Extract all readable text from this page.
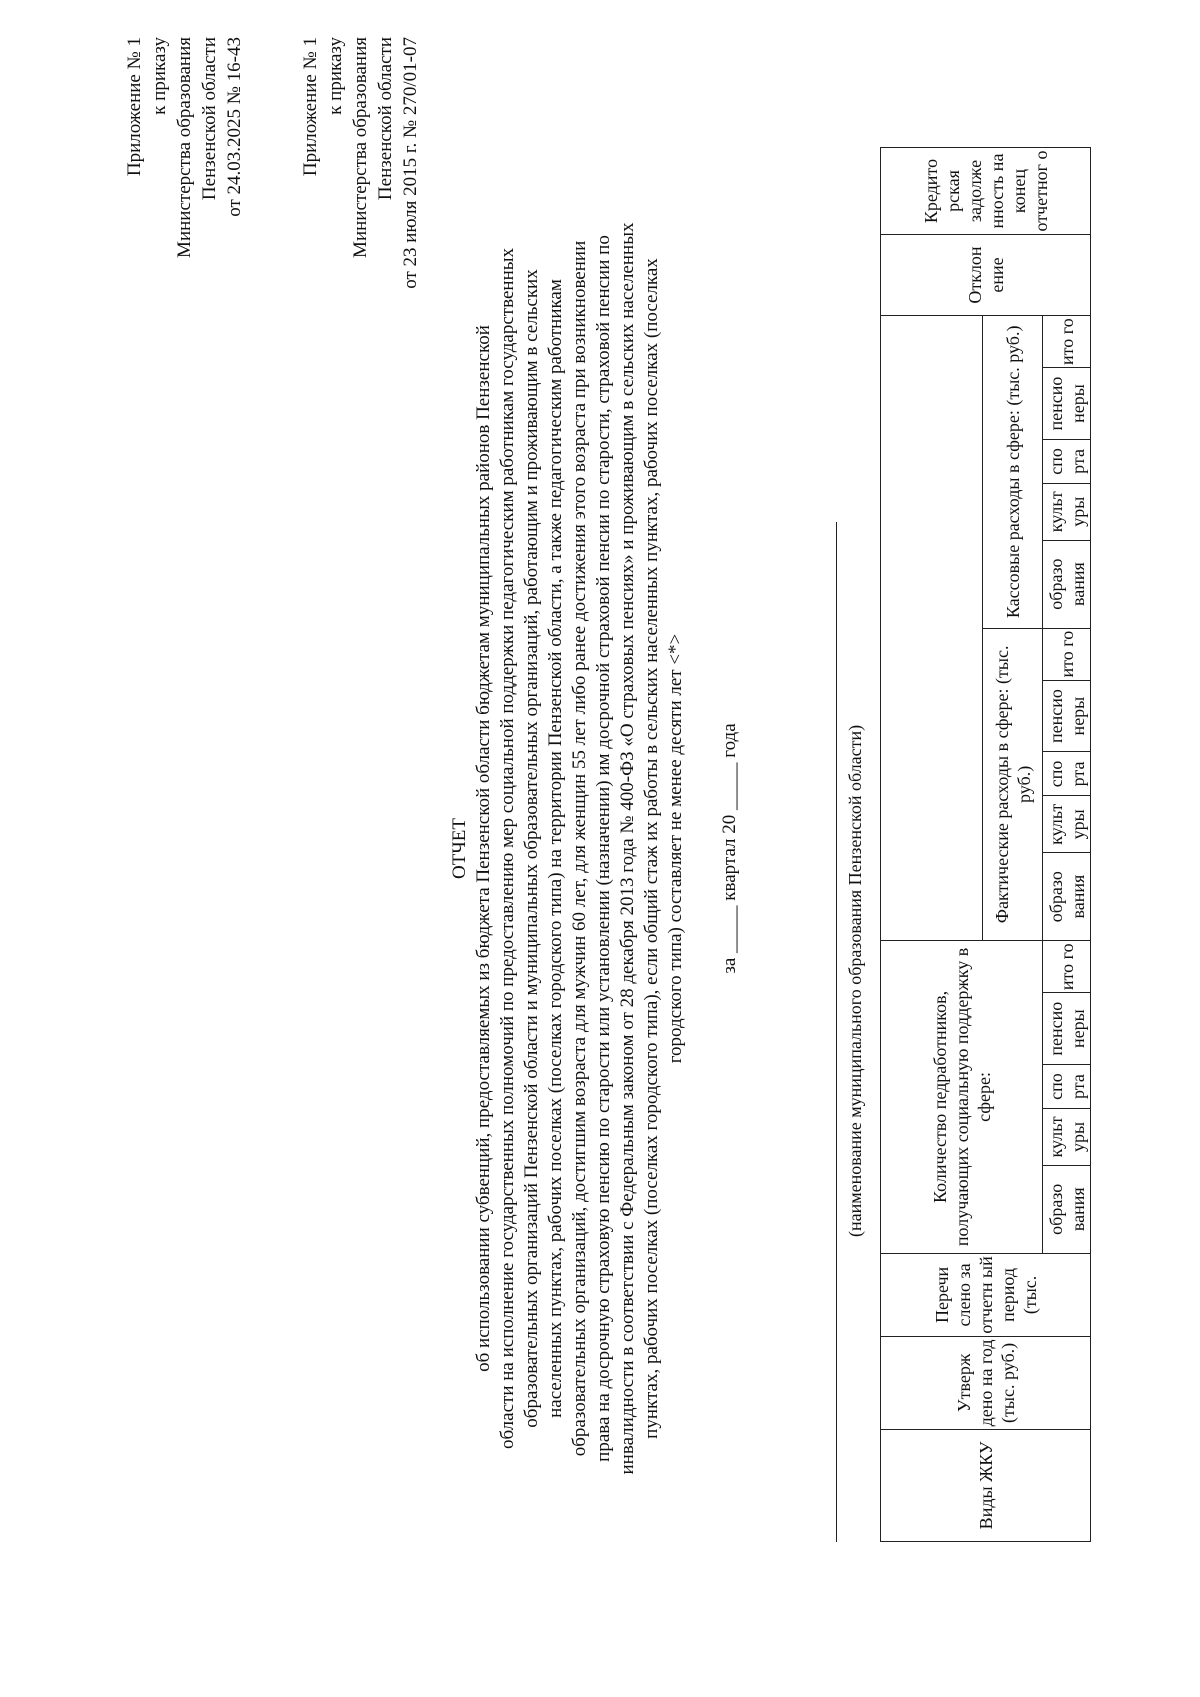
Приложение № 1 к приказу Министерства образования Пензенской области от 24.03.2025 № 16-43	Приложение № 1 к приказу Министерства образования Пензенской области от 23 июля 2015 г. № 270/01-07
ОТЧЕТ об использовании субвенций, предоставляемых из бюджета Пензенской области бюджетам муниципальных районов Пензенской области на исполнение государственных полномочий по предоставлению мер социальной поддержки педагогическим работникам государственных образовательных организаций Пензенской области и муниципальных образовательных организаций, работающим и проживающим в сельских населенных пунктах, рабочих поселках (поселках городского типа) на территории Пензенской области, а также педагогическим работникам образовательных организаций, достигшим возраста для мужчин 60 лет, для женщин 55 лет либо ранее достижения этого возраста при возникновении права на досрочную страховую пенсию по старости или установлении (назначении) им досрочной страховой пенсии по старости, страховой пенсии по инвалидности в соответствии с Федеральным законом от 28 декабря 2013 года № 400-ФЗ «О страховых пенсиях» и проживающим в сельских населенных пунктах, рабочих поселках (поселках городского типа), если общий стаж их работы в сельских населенных пунктах, рабочих поселках (поселках городского типа) составляет не менее десяти лет <*> за _____ квартал 20 _____ года	(наименование муниципального образования Пензенской области)
Виды ЖКУ	Утверж дено на год (тыс. руб.)	Перечи слено за отчетн ый период (тыс.	Количество педработников, получающих социальную поддержку в сфере:															Отклон ение	Кредито рская задолже нность на конец отчетног о
								Фактические расходы в сфере: (тыс. руб.)					Кассовые расходы в сфере: (тыс. руб.)						
			образо вания	культ уры	спо рта	пенсио неры	ито го	образо вания	культ уры	спо рта	пенсио неры	ито го	образо вания	культ уры	спо рта	пенсио неры	ито го		
